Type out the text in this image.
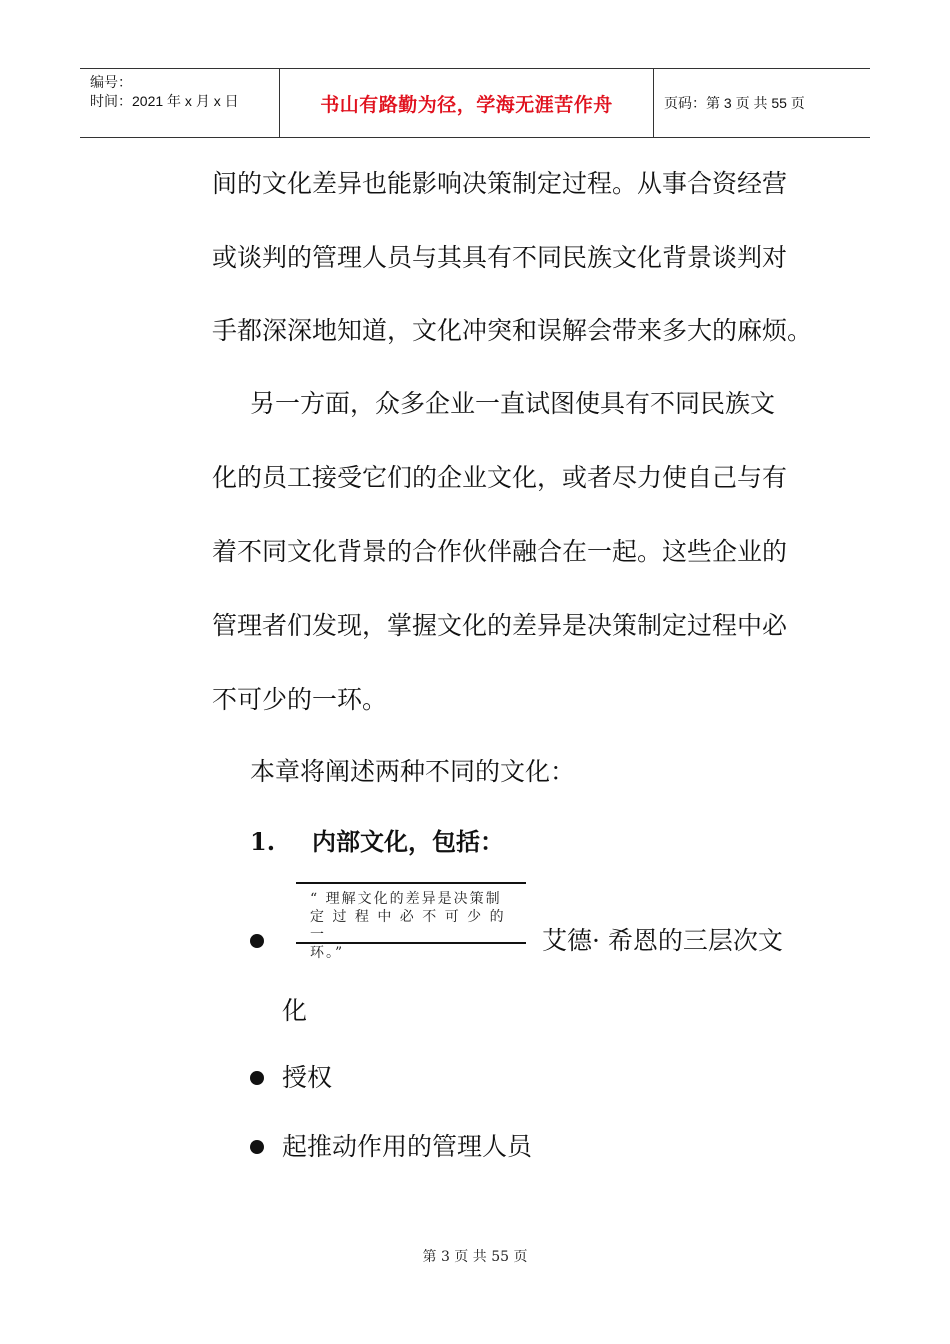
编号：
时间：2021 年 x 月 x 日	书山有路勤为径，学海无涯苦作舟	页码：第 3 页 共 55 页
间的文化差异也能影响决策制定过程。从事合资经营
或谈判的管理人员与其具有不同民族文化背景谈判对
手都深深地知道，文化冲突和误解会带来多大的麻烦。
另一方面，众多企业一直试图使具有不同民族文
化的员工接受它们的企业文化，或者尽力使自己与有
着不同文化背景的合作伙伴融合在一起。这些企业的
管理者们发现，掌握文化的差异是决策制定过程中必
不可少的一环。
本章将阐述两种不同的文化：
1. 内部文化，包括：
“ 理解文化的差异是决策制
定 过 程 中 必 不 可 少 的 一
环。”	艾德· 希恩的三层次文
化
授权
起推动作用的管理人员
第 3 页 共 55 页
